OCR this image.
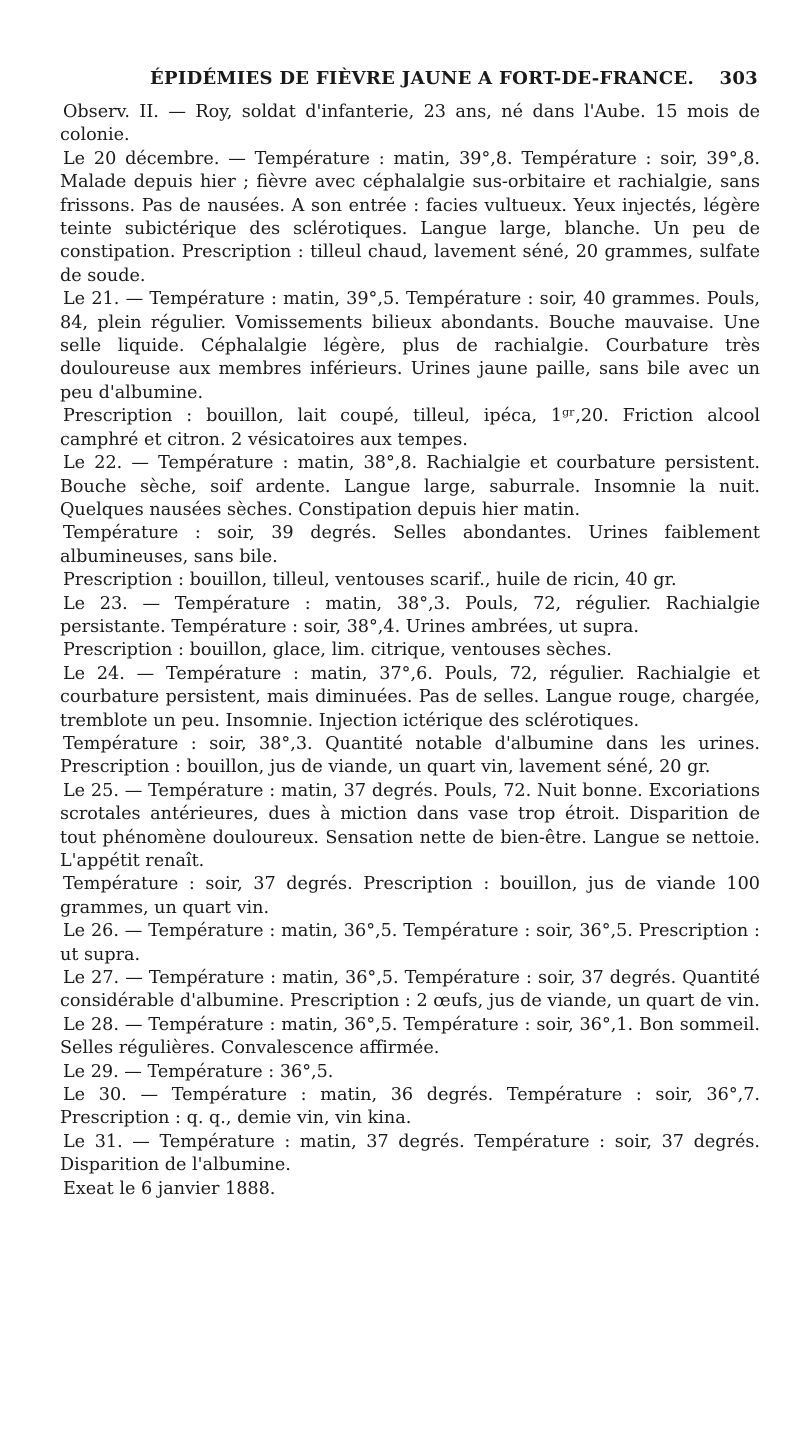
ÉPIDÉMIES DE FIÈVRE JAUNE A FORT-DE-FRANCE. 303

Observ. II. — Roy, soldat d'infanterie, 23 ans, né dans l'Aube. 15 mois de colonie.

Le 20 décembre. — Température : matin, 39°,8. Température : soir, 39°,8. Malade depuis hier ; fièvre avec céphalalgie sus-orbitaire et rachialgie, sans frissons. Pas de nausées. A son entrée : facies vultueux. Yeux injectés, légère teinte subictérique des sclérotiques. Langue large, blanche. Un peu de constipation. Prescription : tilleul chaud, lavement séné, 20 grammes, sulfate de soude.

Le 21. — Température : matin, 39°,5. Température : soir, 40 grammes. Pouls, 84, plein régulier. Vomissements bilieux abondants. Bouche mauvaise. Une selle liquide. Céphalalgie légère, plus de rachialgie. Courbature très douloureuse aux membres inférieurs. Urines jaune paille, sans bile avec un peu d'albumine.

Prescription : bouillon, lait coupé, tilleul, ipéca, 1ᵍʳ,20. Friction alcool camphré et citron. 2 vésicatoires aux tempes.

Le 22. — Température : matin, 38°,8. Rachialgie et courbature persistent. Bouche sèche, soif ardente. Langue large, saburrale. Insomnie la nuit. Quelques nausées sèches. Constipation depuis hier matin.

Température : soir, 39 degrés. Selles abondantes. Urines faiblement albumineuses, sans bile.

Prescription : bouillon, tilleul, ventouses scarif., huile de ricin, 40 gr.

Le 23. — Température : matin, 38°,3. Pouls, 72, régulier. Rachialgie persistante. Température : soir, 38°,4. Urines ambrées, ut supra.

Prescription : bouillon, glace, lim. citrique, ventouses sèches.

Le 24. — Température : matin, 37°,6. Pouls, 72, régulier. Rachialgie et courbature persistent, mais diminuées. Pas de selles. Langue rouge, chargée, tremblote un peu. Insomnie. Injection ictérique des sclérotiques.

Température : soir, 38°,3. Quantité notable d'albumine dans les urines. Prescription : bouillon, jus de viande, un quart vin, lavement séné, 20 gr.

Le 25. — Température : matin, 37 degrés. Pouls, 72. Nuit bonne. Excoriations scrotales antérieures, dues à miction dans vase trop étroit. Disparition de tout phénomène douloureux. Sensation nette de bien-être. Langue se nettoie. L'appétit renaît.

Température : soir, 37 degrés. Prescription : bouillon, jus de viande 100 grammes, un quart vin.

Le 26. — Température : matin, 36°,5. Température : soir, 36°,5. Prescription : ut supra.

Le 27. — Température : matin, 36°,5. Température : soir, 37 degrés. Quantité considérable d'albumine. Prescription : 2 œufs, jus de viande, un quart de vin.

Le 28. — Température : matin, 36°,5. Température : soir, 36°,1. Bon sommeil. Selles régulières. Convalescence affirmée.

Le 29. — Température : 36°,5.

Le 30. — Température : matin, 36 degrés. Température : soir, 36°,7. Prescription : q. q., demie vin, vin kina.

Le 31. — Température : matin, 37 degrés. Température : soir, 37 degrés. Disparition de l'albumine.

Exeat le 6 janvier 1888.
